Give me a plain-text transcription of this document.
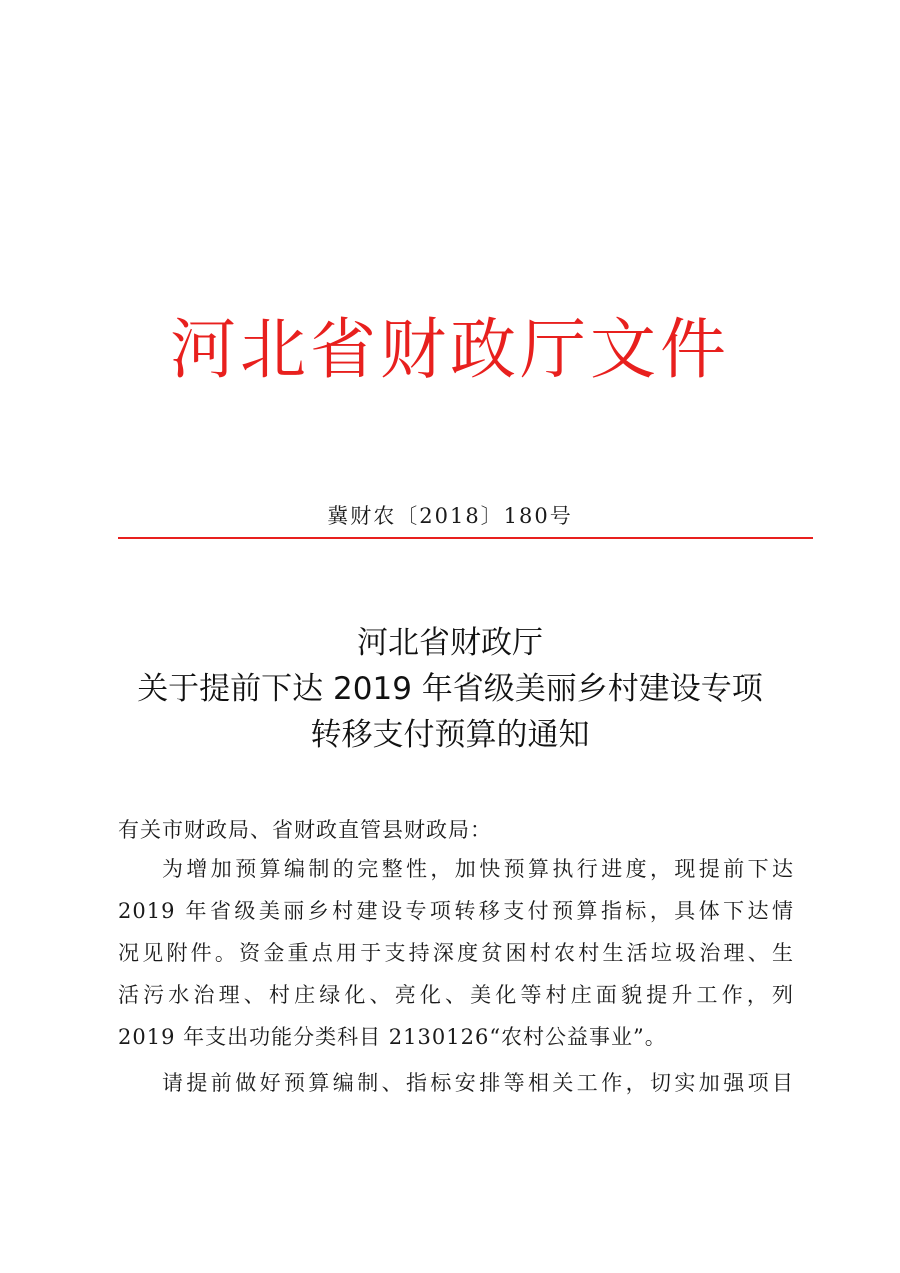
河北省财政厅文件
冀财农〔2018〕180号
河北省财政厅
关于提前下达 2019 年省级美丽乡村建设专项
转移支付预算的通知
有关市财政局、省财政直管县财政局：
为增加预算编制的完整性，加快预算执行进度，现提前下达
2019 年省级美丽乡村建设专项转移支付预算指标，具体下达情
况见附件。资金重点用于支持深度贫困村农村生活垃圾治理、生
活污水治理、村庄绿化、亮化、美化等村庄面貌提升工作，列
2019 年支出功能分类科目 2130126“农村公益事业”。
请提前做好预算编制、指标安排等相关工作，切实加强项目
